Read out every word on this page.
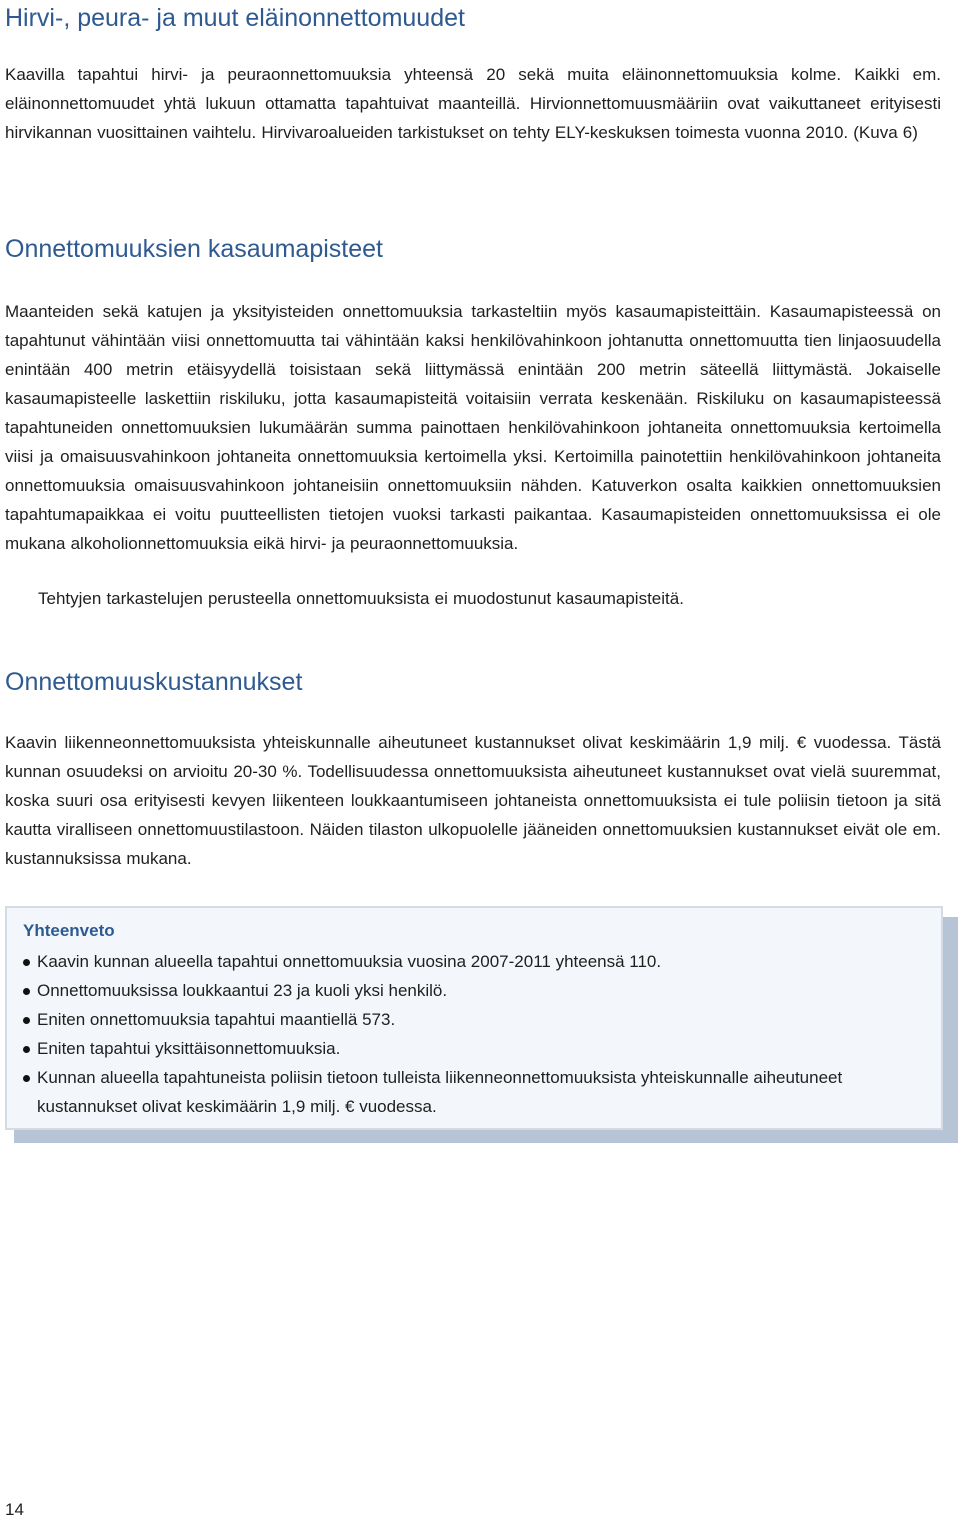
Hirvi-, peura- ja muut eläinonnettomuudet

Kaavilla tapahtui hirvi- ja peuraonnettomuuksia yhteensä 20 sekä muita eläinonnettomuuksia kolme. Kaikki em. eläinonnettomuudet yhtä lukuun ottamatta tapahtuivat maanteillä. Hirvionnettomuusmääriin ovat vaikuttaneet erityisesti hirvikannan vuosittainen vaihtelu. Hirvivaroalueiden tarkistukset on tehty ELY-keskuksen toimesta vuonna 2010. (Kuva 6)

Onnettomuuksien kasaumapisteet

Maanteiden sekä katujen ja yksityisteiden onnettomuuksia tarkasteltiin myös kasaumapisteittäin. Kasaumapisteessä on tapahtunut vähintään viisi onnettomuutta tai vähintään kaksi henkilövahinkoon johtanutta onnettomuutta tien linjaosuudella enintään 400 metrin etäisyydellä toisistaan sekä liittymässä enintään 200 metrin säteellä liittymästä. Jokaiselle kasaumapisteelle laskettiin riskiluku, jotta kasaumapisteitä voitaisiin verrata keskenään. Riskiluku on kasaumapisteessä tapahtuneiden onnettomuuksien lukumäärän summa painottaen henkilövahinkoon johtaneita onnettomuuksia kertoimella viisi ja omaisuusvahinkoon johtaneita onnettomuuksia kertoimella yksi. Kertoimilla painotettiin henkilövahinkoon johtaneita onnettomuuksia omaisuusvahinkoon johtaneisiin onnettomuuksiin nähden. Katuverkon osalta kaikkien onnettomuuksien tapahtumapaikkaa ei voitu puutteellisten tietojen vuoksi tarkasti paikantaa. Kasaumapisteiden onnettomuuksissa ei ole mukana alkoholionnettomuuksia eikä hirvi- ja peuraonnettomuuksia.

Tehtyjen tarkastelujen perusteella onnettomuuksista ei muodostunut kasaumapisteitä.

Onnettomuuskustannukset

Kaavin liikenneonnettomuuksista yhteiskunnalle aiheutuneet kustannukset olivat keskimäärin 1,9 milj. € vuodessa. Tästä kunnan osuudeksi on arvioitu 20-30 %. Todellisuudessa onnettomuuksista aiheutuneet kustannukset ovat vielä suuremmat, koska suuri osa erityisesti kevyen liikenteen loukkaantumiseen johtaneista onnettomuuksista ei tule poliisin tietoon ja sitä kautta viralliseen onnettomuustilastoon. Näiden tilaston ulkopuolelle jääneiden onnettomuuksien kustannukset eivät ole em. kustannuksissa mukana.

Yhteenveto

Kaavin kunnan alueella tapahtui onnettomuuksia vuosina 2007-2011 yhteensä 110.
Onnettomuuksissa loukkaantui 23 ja kuoli yksi henkilö.
Eniten onnettomuuksia tapahtui maantiellä 573.
Eniten tapahtui yksittäisonnettomuuksia.
Kunnan alueella tapahtuneista poliisin tietoon tulleista liikenneonnettomuuksista yhteiskunnalle aiheutuneet kustannukset olivat keskimäärin 1,9 milj. € vuodessa.
14
